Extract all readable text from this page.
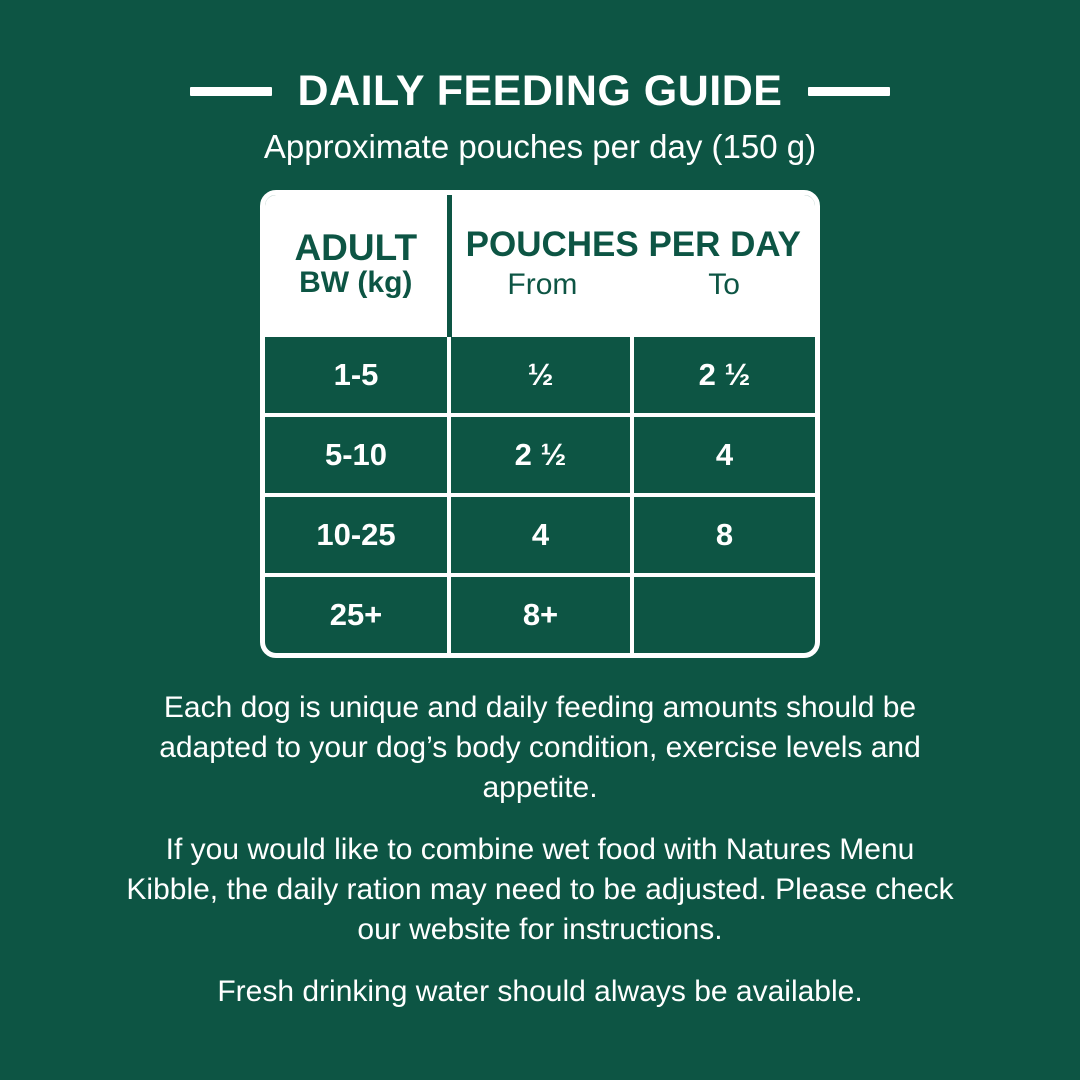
DAILY FEEDING GUIDE
Approximate pouches per day (150 g)
ADULT
BW (kg)

POUCHES PER DAY
From	To

1-5	½	2 ½
5-10	2 ½	4
10-25	4	8
25+	8+	

Each dog is unique and daily feeding amounts should be adapted to your dog’s body condition, exercise levels and appetite.

If you would like to combine wet food with Natures Menu Kibble, the daily ration may need to be adjusted. Please check our website for instructions.

Fresh drinking water should always be available.
